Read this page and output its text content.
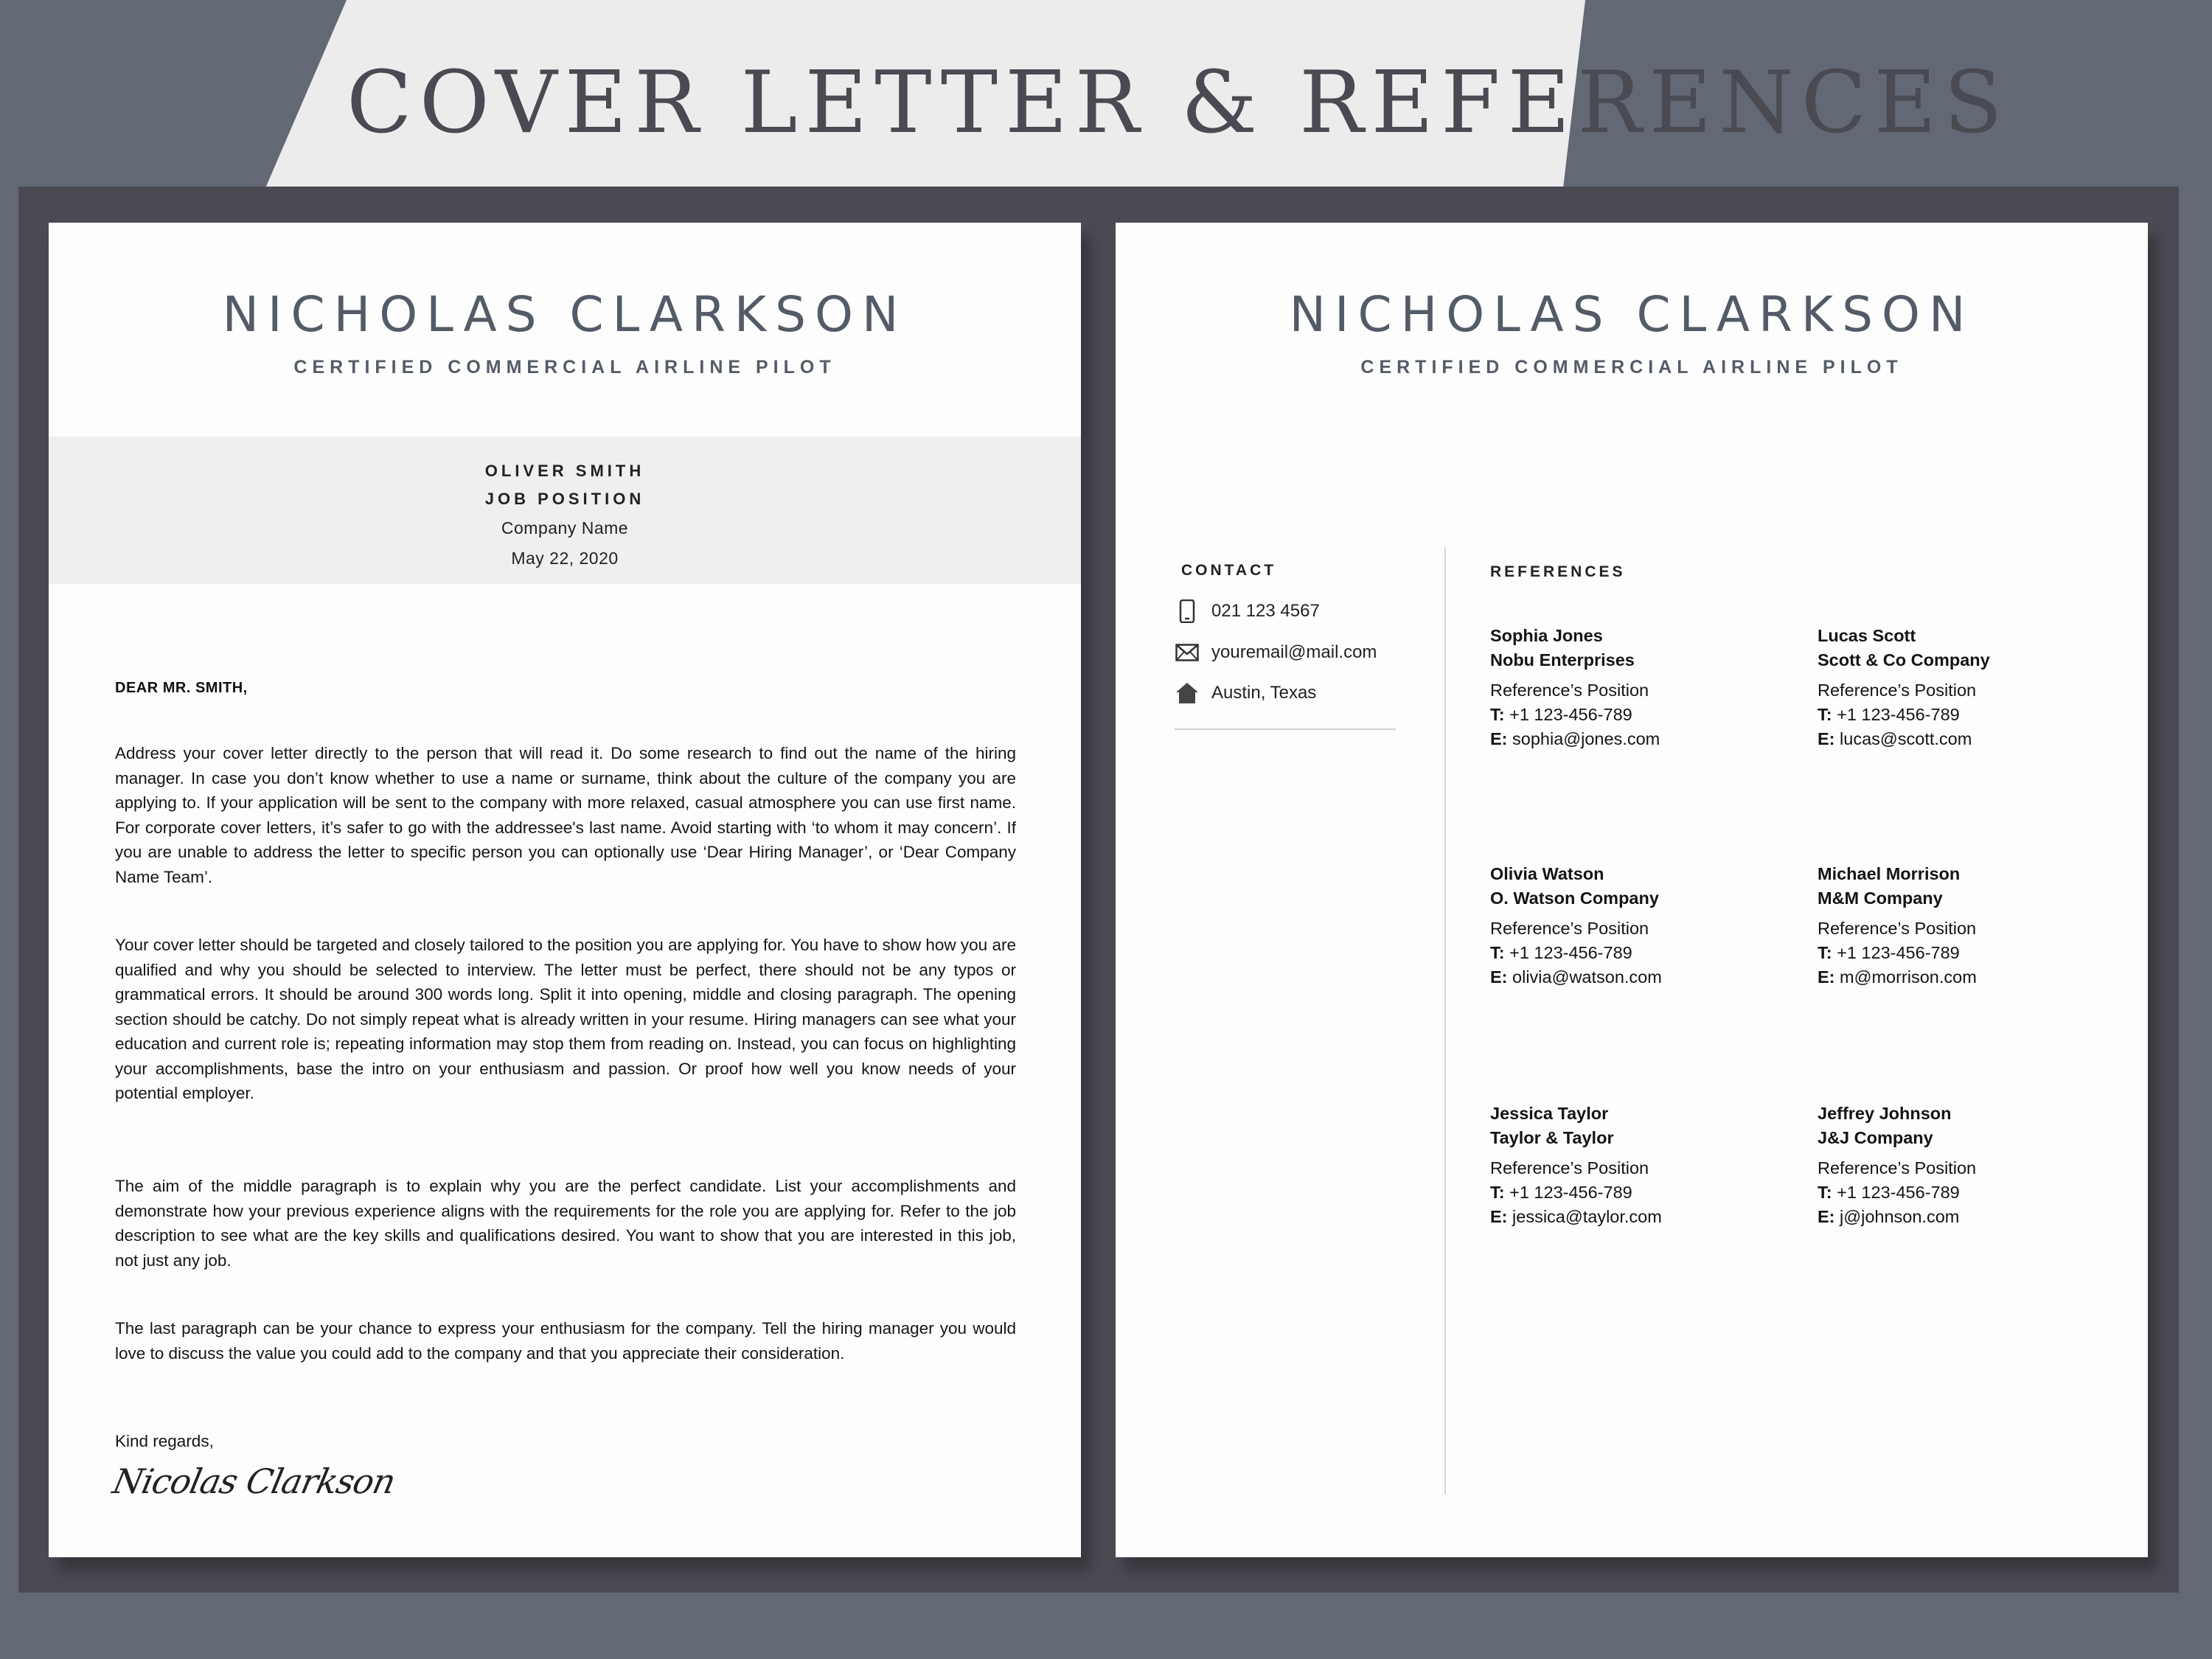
COVER LETTER & REFERENCES
NICHOLAS CLARKSON
CERTIFIED COMMERCIAL AIRLINE PILOT
OLIVER SMITH
JOB POSITION
Company Name
May 22, 2020
DEAR MR. SMITH,

Address your cover letter directly to the person that will read it. Do some research to find out the name of the hiring manager. In case you don’t know whether to use a name or surname, think about the culture of the company you are applying to. If your application will be sent to the company with more relaxed, casual atmosphere you can use first name. For corporate cover letters, it’s safer to go with the addressee's last name. Avoid starting with ‘to whom it may concern’. If you are unable to address the letter to specific person you can optionally use ‘Dear Hiring Manager’, or ‘Dear Company Name Team’.

Your cover letter should be targeted and closely tailored to the position you are applying for. You have to show how you are qualified and why you should be selected to interview. The letter must be perfect, there should not be any typos or grammatical errors. It should be around 300 words long. Split it into opening, middle and closing paragraph. The opening section should be catchy. Do not simply repeat what is already written in your resume. Hiring managers can see what your education and current role is; repeating information may stop them from reading on. Instead, you can focus on highlighting your accomplishments, base the intro on your enthusiasm and passion. Or proof how well you know needs of your potential employer.

The aim of the middle paragraph is to explain why you are the perfect candidate. List your accomplishments and demonstrate how your previous experience aligns with the requirements for the role you are applying for. Refer to the job description to see what are the key skills and qualifications desired. You want to show that you are interested in this job, not just any job.

The last paragraph can be your chance to express your enthusiasm for the company. Tell the hiring manager you would love to discuss the value you could add to the company and that you appreciate their consideration.

Kind regards,
Nicolas Clarkson
NICHOLAS CLARKSON
CERTIFIED COMMERCIAL AIRLINE PILOT
CONTACT
021 123 4567
youremail@mail.com
Austin, Texas
REFERENCES
Sophia Jones
Nobu Enterprises
Reference’s Position
T: +1 123-456-789
E: sophia@jones.com
Lucas Scott
Scott & Co Company
Reference’s Position
T: +1 123-456-789
E: lucas@scott.com
Olivia Watson
O. Watson Company
Reference’s Position
T: +1 123-456-789
E: olivia@watson.com
Michael Morrison
M&M Company
Reference’s Position
T: +1 123-456-789
E: m@morrison.com
Jessica Taylor
Taylor & Taylor
Reference’s Position
T: +1 123-456-789
E: jessica@taylor.com
Jeffrey Johnson
J&J Company
Reference’s Position
T: +1 123-456-789
E: j@johnson.com
